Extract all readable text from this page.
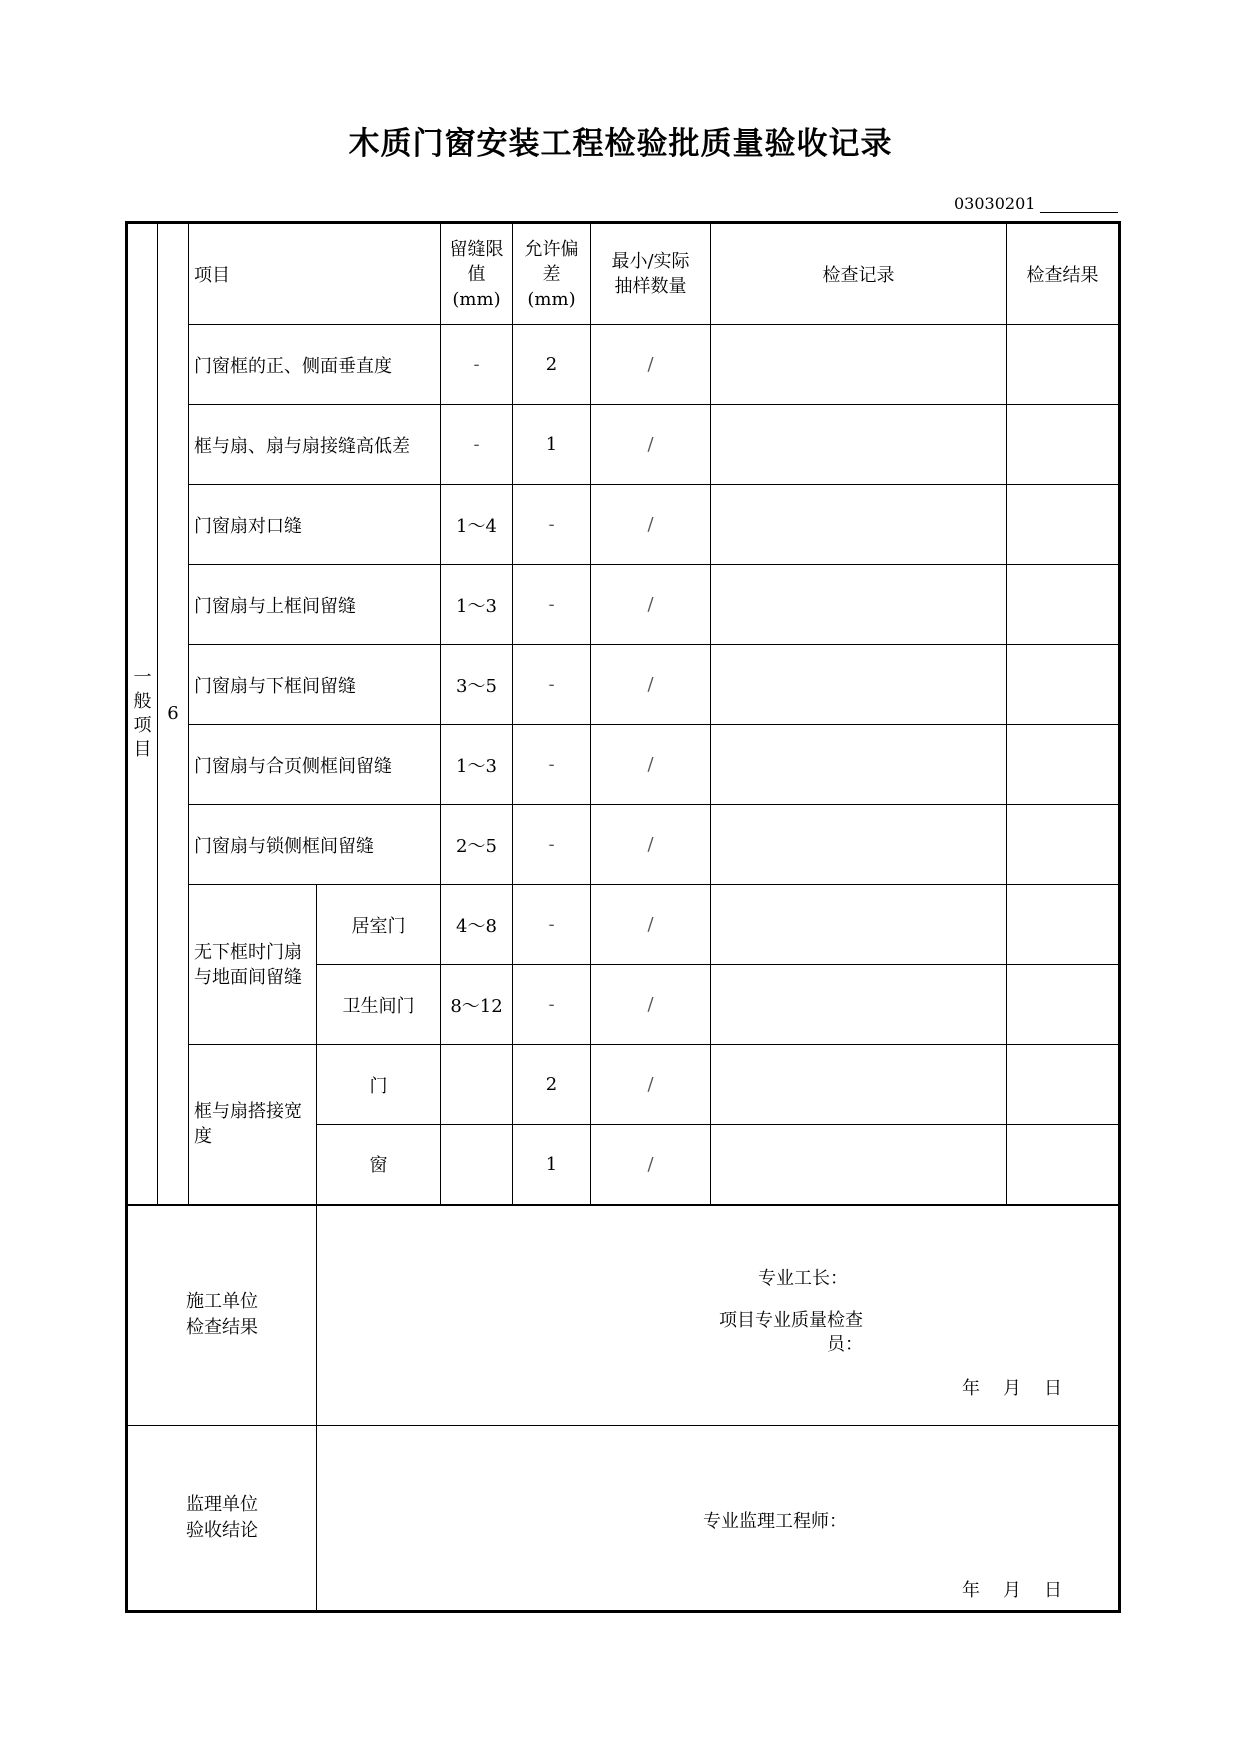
木质门窗安装工程检验批质量验收记录
03030201
一般项目	6	项目		留缝限值(mm)	允许偏差(mm)	最小/实际抽样数量	检查记录	检查结果
		门窗框的正、侧面垂直度		-	2	/		
		框与扇、扇与扇接缝高低差		-	1	/		
		门窗扇对口缝		1～4	-	/		
		门窗扇与上框间留缝		1～3	-	/		
		门窗扇与下框间留缝		3～5	-	/		
		门窗扇与合页侧框间留缝		1～3	-	/		
		门窗扇与锁侧框间留缝		2～5	-	/		
		无下框时门扇与地面间留缝	居室门	4～8	-	/		
			卫生间门	8～12	-	/		
		框与扇搭接宽度	门		2	/		
			窗		1	/		

施工单位检查结果			专业工长：
项目专业质量检查员：
年 月 日					

监理单位验收结论			专业监理工程师：
年 月 日					
